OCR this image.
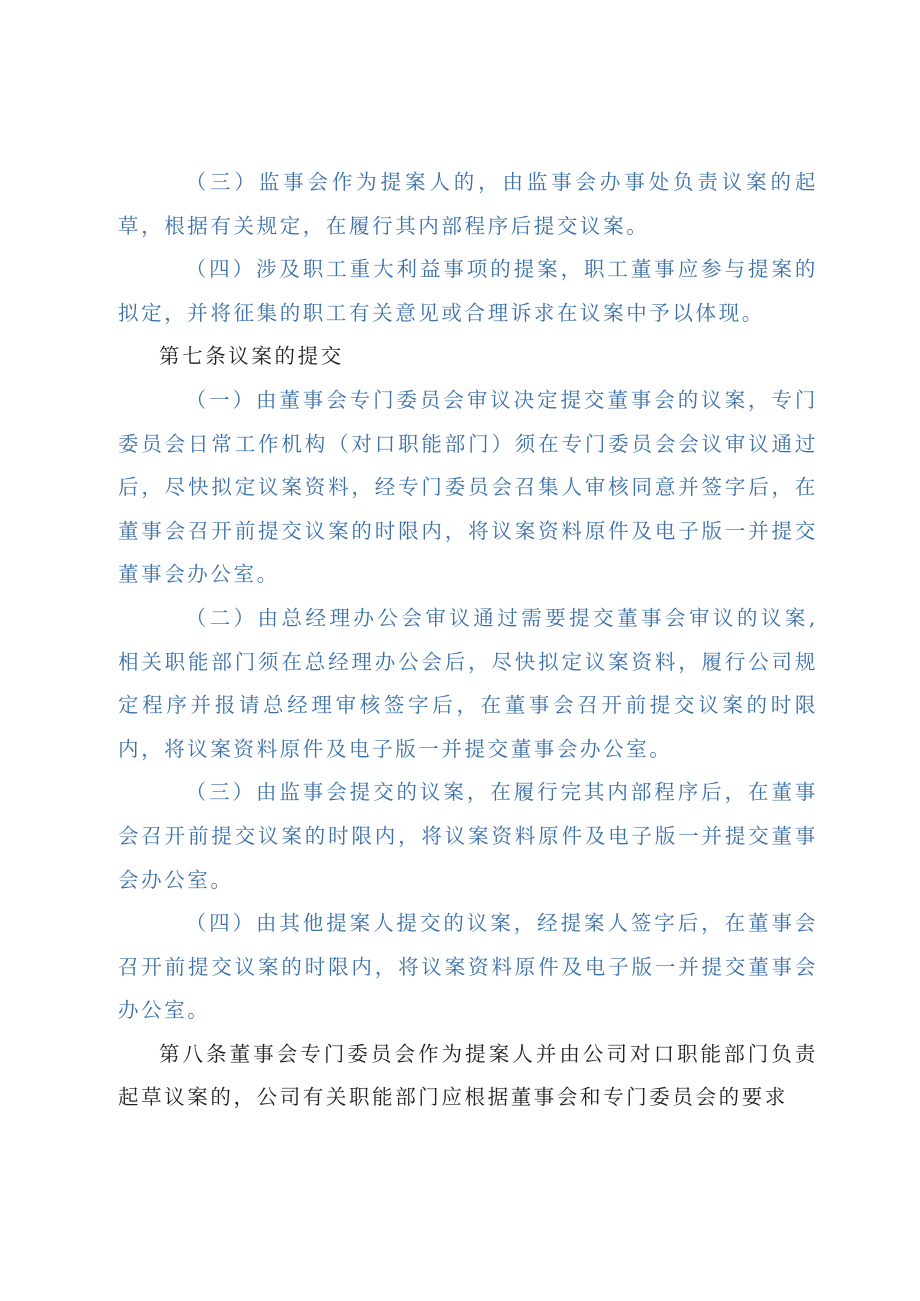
（三）监事会作为提案人的，由监事会办事处负责议案的起草，根据有关规定，在履行其内部程序后提交议案。

（四）涉及职工重大利益事项的提案，职工董事应参与提案的拟定，并将征集的职工有关意见或合理诉求在议案中予以体现。

第七条议案的提交

（一）由董事会专门委员会审议决定提交董事会的议案，专门委员会日常工作机构（对口职能部门）须在专门委员会会议审议通过后，尽快拟定议案资料，经专门委员会召集人审核同意并签字后，在董事会召开前提交议案的时限内，将议案资料原件及电子版一并提交董事会办公室。

（二）由总经理办公会审议通过需要提交董事会审议的议案,相关职能部门须在总经理办公会后，尽快拟定议案资料，履行公司规定程序并报请总经理审核签字后，在董事会召开前提交议案的时限内，将议案资料原件及电子版一并提交董事会办公室。

（三）由监事会提交的议案，在履行完其内部程序后，在董事会召开前提交议案的时限内，将议案资料原件及电子版一并提交董事会办公室。

（四）由其他提案人提交的议案，经提案人签字后，在董事会召开前提交议案的时限内，将议案资料原件及电子版一并提交董事会办公室。

第八条董事会专门委员会作为提案人并由公司对口职能部门负责起草议案的，公司有关职能部门应根据董事会和专门委员会的要求
